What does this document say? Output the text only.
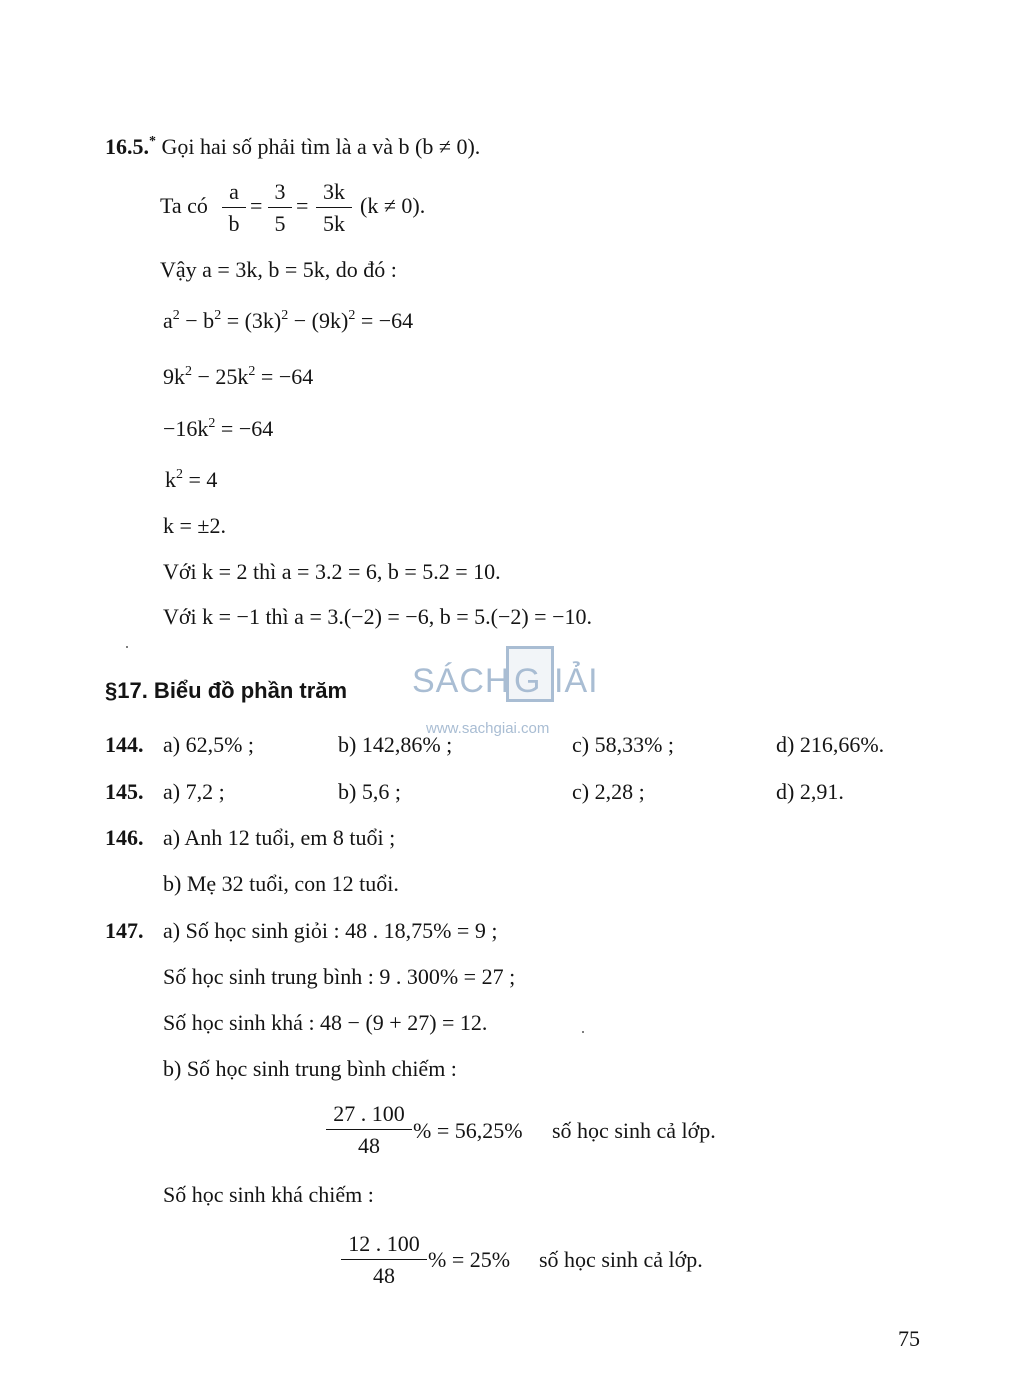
16.5.* Gọi hai số phải tìm là a và b (b ≠ 0).
Ta có $\frac{a}{b} = \frac{3}{5} = \frac{3k}{5k} (k \ne 0)$.
Vậy a = 3k, b = 5k, do đó :
$a^2 - b^2 = (3k)^2 - (9k)^2 = -64$
$9k^2 - 25k^2 = -64$
$-16k^2 = -64$
$k^2 = 4$
k = ±2.
Với k = 2 thì a = 3.2 = 6, b = 5.2 = 10.
Với k = −1 thì a = 3.(−2) = −6, b = 5.(−2) = −10.
§17. Biểu đồ phần trăm SÁCH G IẢI
www.sachgiai.com
144. a) 62,5% ;	b) 142,86% ;	c) 58,33% ;	d) 216,66%.
145. a) 7,2 ;	b) 5,6 ;	c) 2,28 ;	d) 2,91.
146. a) Anh 12 tuổi, em 8 tuổi ;
b) Mẹ 32 tuổi, con 12 tuổi.
147. a) Số học sinh giỏi : 48 . 18,75% = 9 ;
Số học sinh trung bình : 9 . 300% = 27 ;
Số học sinh khá : 48 − (9 + 27) = 12.
b) Số học sinh trung bình chiếm :
$\frac{27 . 100}{48}$ % = 56,25% số học sinh cả lớp.
Số học sinh khá chiếm :
$\frac{12 . 100}{48}$ % = 25% số học sinh cả lớp.
75
